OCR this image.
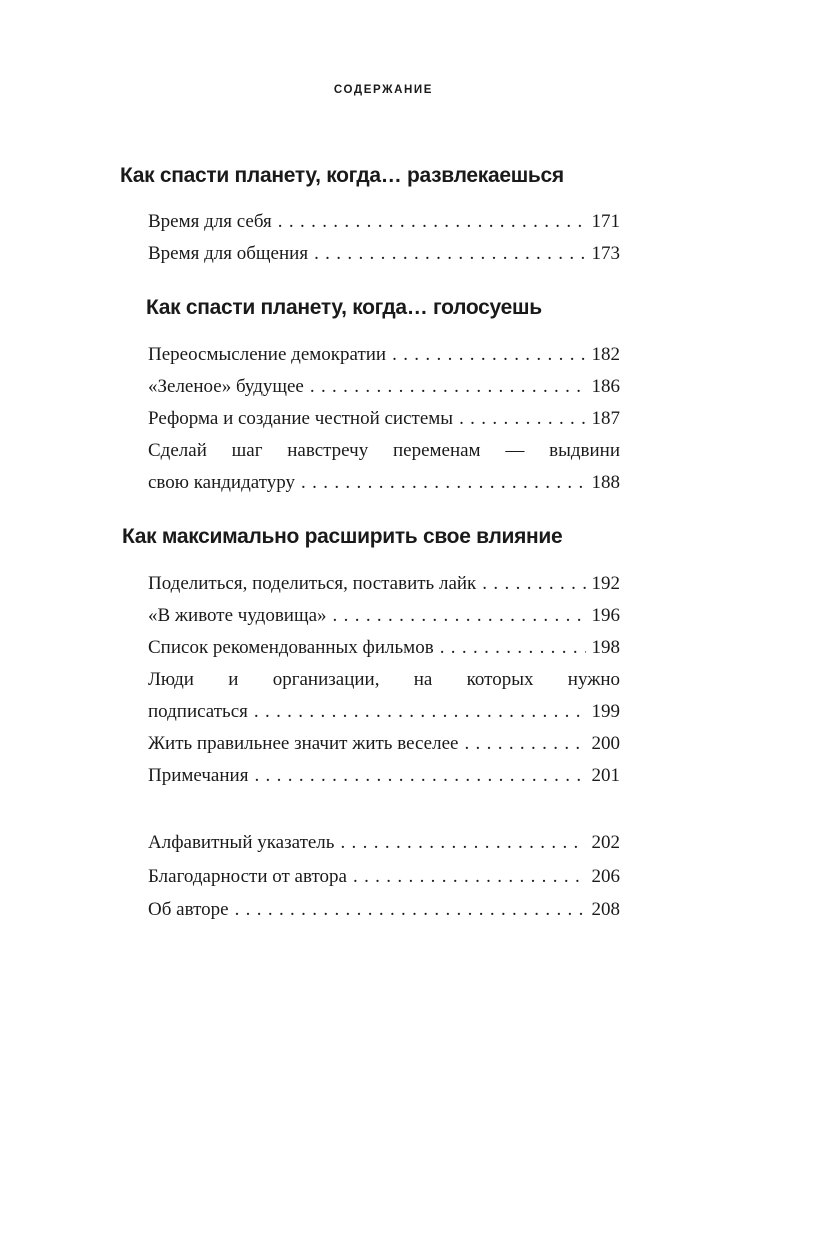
СОДЕРЖАНИЕ
Как спасти планету, когда… развлекаешься
Время для себя . . .	171
Время для общения . . .	173
Как спасти планету, когда… голосуешь
Переосмысление демократии . . .	182
«Зеленое» будущее . . .	186
Реформа и создание честной системы . . .	187
Сделай шаг навстречу переменам — выдвини
свою кандидатуру . . .	188
Как максимально расширить свое влияние
Поделиться, поделиться, поставить лайк . . .	192
«В животе чудовища» . . .	196
Список рекомендованных фильмов . . .	198
Люди и организации, на которых нужно
подписаться . . .	199
Жить правильнее значит жить веселее . . .	200
Примечания . . .	201
Алфавитный указатель . . .	202
Благодарности от автора . . .	206
Об авторе . . .	208
